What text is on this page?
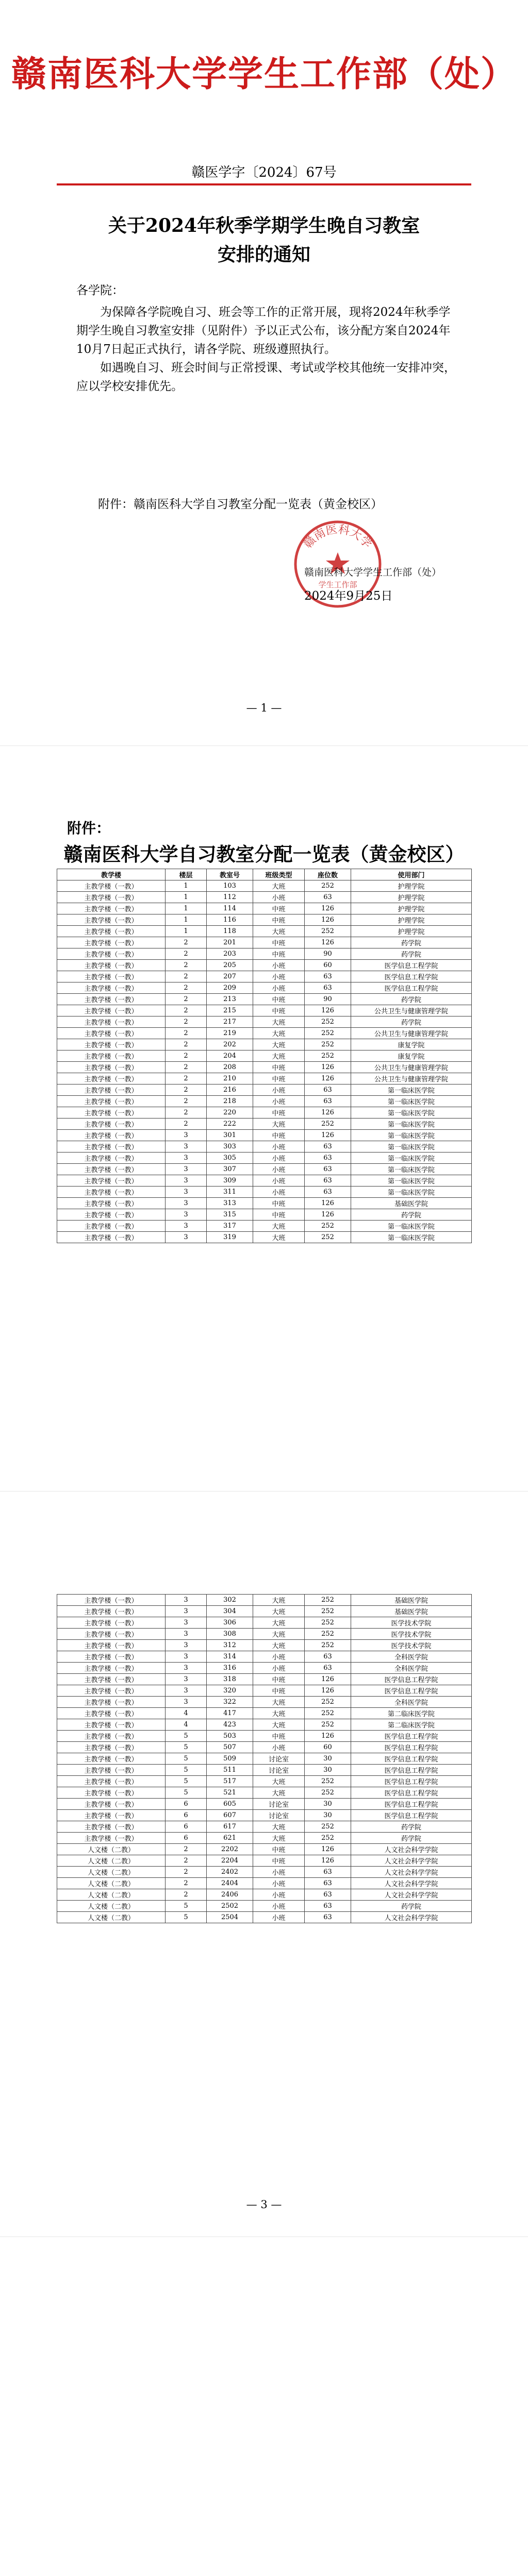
赣南医科大学学生工作部（处）
赣医学字〔2024〕67号
关于2024年秋季学期学生晚自习教室
安排的通知

各学院：

为保障各学院晚自习、班会等工作的正常开展，现将2024年秋季学期学生晚自习教室安排（见附件）予以正式公布，该分配方案自2024年10月7日起正式执行，请各学院、班级遵照执行。

如遇晚自习、班会时间与正常授课、考试或学校其他统一安排冲突，应以学校安排优先。

附件：赣南医科大学自习教室分配一览表（黄金校区）
赣南医科大学
学生工作部
赣南医科大学学生工作部（处）
2024年9月25日
— 1 —
— 3 —
附件：
赣南医科大学自习教室分配一览表（黄金校区）
教学楼	楼层	教室号	班级类型	座位数	使用部门
主教学楼（一教）	1	103	大班	252	护理学院
主教学楼（一教）	1	112	小班	63	护理学院
主教学楼（一教）	1	114	中班	126	护理学院
主教学楼（一教）	1	116	中班	126	护理学院
主教学楼（一教）	1	118	大班	252	护理学院
主教学楼（一教）	2	201	中班	126	药学院
主教学楼（一教）	2	203	中班	90	药学院
主教学楼（一教）	2	205	小班	60	医学信息工程学院
主教学楼（一教）	2	207	小班	63	医学信息工程学院
主教学楼（一教）	2	209	小班	63	医学信息工程学院
主教学楼（一教）	2	213	中班	90	药学院
主教学楼（一教）	2	215	中班	126	公共卫生与健康管理学院
主教学楼（一教）	2	217	大班	252	药学院
主教学楼（一教）	2	219	大班	252	公共卫生与健康管理学院
主教学楼（一教）	2	202	大班	252	康复学院
主教学楼（一教）	2	204	大班	252	康复学院
主教学楼（一教）	2	208	中班	126	公共卫生与健康管理学院
主教学楼（一教）	2	210	中班	126	公共卫生与健康管理学院
主教学楼（一教）	2	216	小班	63	第一临床医学院
主教学楼（一教）	2	218	小班	63	第一临床医学院
主教学楼（一教）	2	220	中班	126	第一临床医学院
主教学楼（一教）	2	222	大班	252	第一临床医学院
主教学楼（一教）	3	301	中班	126	第一临床医学院
主教学楼（一教）	3	303	小班	63	第一临床医学院
主教学楼（一教）	3	305	小班	63	第一临床医学院
主教学楼（一教）	3	307	小班	63	第一临床医学院
主教学楼（一教）	3	309	小班	63	第一临床医学院
主教学楼（一教）	3	311	小班	63	第一临床医学院
主教学楼（一教）	3	313	中班	126	基础医学院
主教学楼（一教）	3	315	中班	126	药学院
主教学楼（一教）	3	317	大班	252	第一临床医学院
主教学楼（一教）	3	319	大班	252	第一临床医学院
主教学楼（一教）	3	302	大班	252	基础医学院
主教学楼（一教）	3	304	大班	252	基础医学院
主教学楼（一教）	3	306	大班	252	医学技术学院
主教学楼（一教）	3	308	大班	252	医学技术学院
主教学楼（一教）	3	312	大班	252	医学技术学院
主教学楼（一教）	3	314	小班	63	全科医学院
主教学楼（一教）	3	316	小班	63	全科医学院
主教学楼（一教）	3	318	中班	126	医学信息工程学院
主教学楼（一教）	3	320	中班	126	医学信息工程学院
主教学楼（一教）	3	322	大班	252	全科医学院
主教学楼（一教）	4	417	大班	252	第二临床医学院
主教学楼（一教）	4	423	大班	252	第二临床医学院
主教学楼（一教）	5	503	中班	126	医学信息工程学院
主教学楼（一教）	5	507	小班	60	医学信息工程学院
主教学楼（一教）	5	509	讨论室	30	医学信息工程学院
主教学楼（一教）	5	511	讨论室	30	医学信息工程学院
主教学楼（一教）	5	517	大班	252	医学信息工程学院
主教学楼（一教）	5	521	大班	252	医学信息工程学院
主教学楼（一教）	6	605	讨论室	30	医学信息工程学院
主教学楼（一教）	6	607	讨论室	30	医学信息工程学院
主教学楼（一教）	6	617	大班	252	药学院
主教学楼（一教）	6	621	大班	252	药学院
人文楼（二教）	2	2202	中班	126	人文社会科学学院
人文楼（二教）	2	2204	中班	126	人文社会科学学院
人文楼（二教）	2	2402	小班	63	人文社会科学学院
人文楼（二教）	2	2404	小班	63	人文社会科学学院
人文楼（二教）	2	2406	小班	63	人文社会科学学院
人文楼（二教）	5	2502	小班	63	药学院
人文楼（二教）	5	2504	小班	63	人文社会科学学院
